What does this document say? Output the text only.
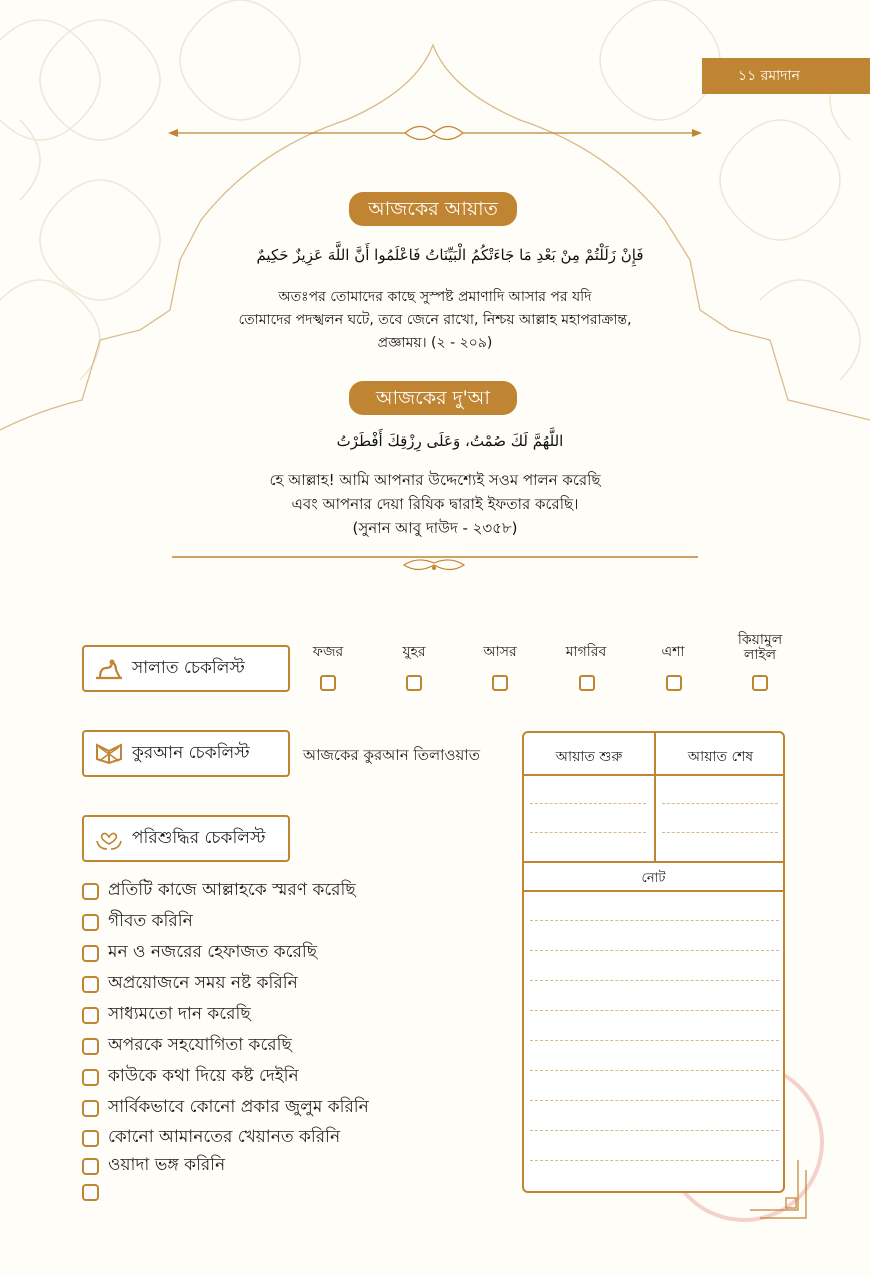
১১ রমাদান
আজকের আয়াত
فَإِنْ زَلَلْتُمْ مِنْ بَعْدِ مَا جَاءَتْكُمُ الْبَيِّنَاتُ فَاعْلَمُوا أَنَّ اللَّهَ عَزِيزٌ حَكِيمٌ
অতঃপর তোমাদের কাছে সুস্পষ্ট প্রমাণাদি আসার পর যদি
তোমাদের পদস্খলন ঘটে, তবে জেনে রাখো, নিশ্চয় আল্লাহ মহাপরাক্রান্ত,
প্রজ্ঞাময়। (২ - ২০৯)
আজকের দু'আ
اللَّهُمَّ لَكَ صُمْتُ، وَعَلَى رِزْقِكَ أَفْطَرْتُ
হে আল্লাহ! আমি আপনার উদ্দেশ্যেই সওম পালন করেছি
এবং আপনার দেয়া রিযিক দ্বারাই ইফতার করেছি।
(সুনান আবু দাউদ - ২৩৫৮)
সালাত চেকলিস্ট
ফজর	যুহর	আসর	মাগরিব	এশা
কিয়ামুল লাইল
কুরআন চেকলিস্ট	আজকের কুরআন তিলাওয়াত	আয়াত শুরু	আয়াত শেষ
নোট
পরিশুদ্ধির চেকলিস্ট
প্রতিটি কাজে আল্লাহকে স্মরণ করেছি
গীবত করিনি
মন ও নজরের হেফাজত করেছি
অপ্রয়োজনে সময় নষ্ট করিনি
সাধ্যমতো দান করেছি
অপরকে সহযোগিতা করেছি
কাউকে কথা দিয়ে কষ্ট দেইনি
সার্বিকভাবে কোনো প্রকার জুলুম করিনি
কোনো আমানতের খেয়ানত করিনি
ওয়াদা ভঙ্গ করিনি
